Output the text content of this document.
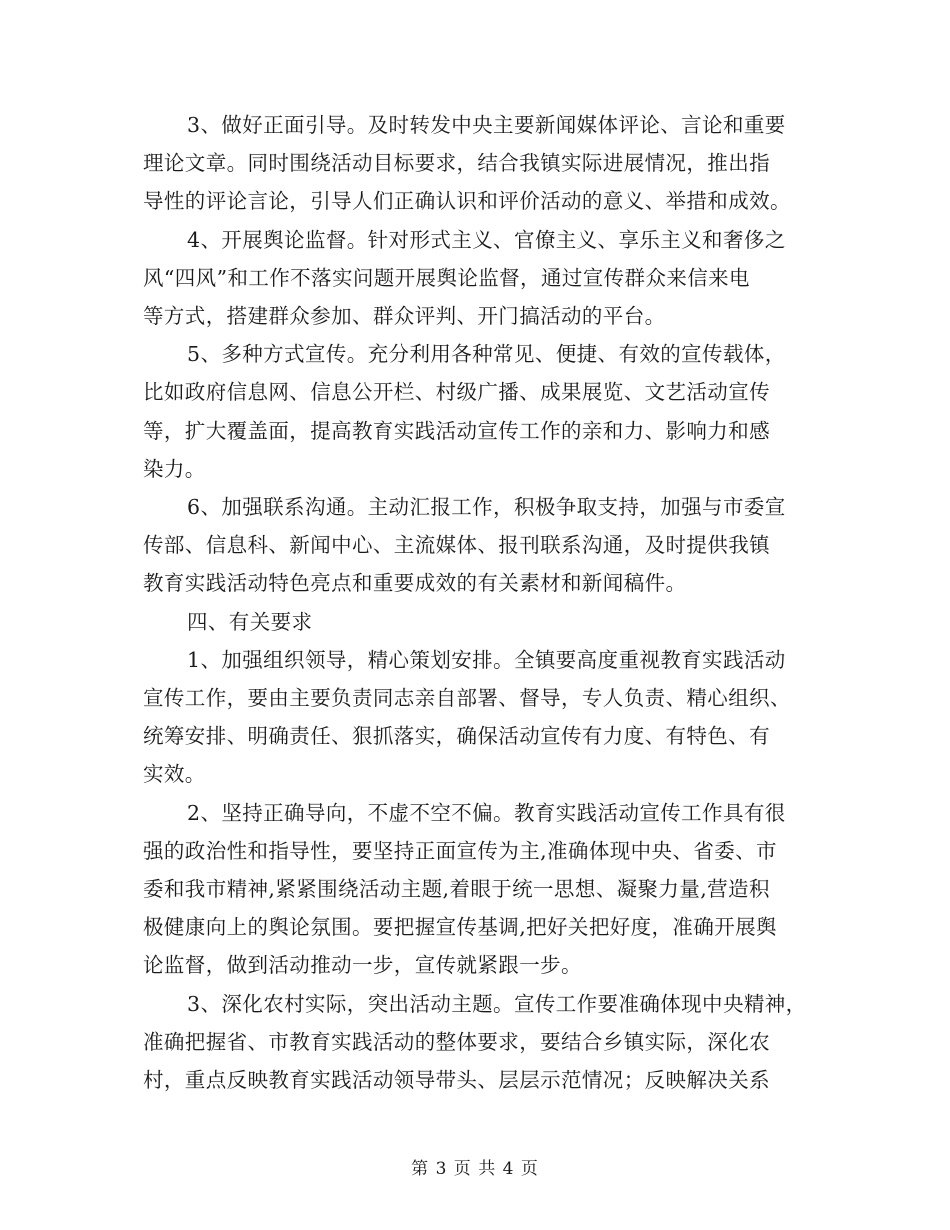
3、做好正面引导。及时转发中央主要新闻媒体评论、言论和重要
理论文章。同时围绕活动目标要求，结合我镇实际进展情况，推出指
导性的评论言论，引导人们正确认识和评价活动的意义、举措和成效。

4、开展舆论监督。针对形式主义、官僚主义、享乐主义和奢侈之
风“四风”和工作不落实问题开展舆论监督，通过宣传群众来信来电
等方式，搭建群众参加、群众评判、开门搞活动的平台。

5、多种方式宣传。充分利用各种常见、便捷、有效的宣传载体，
比如政府信息网、信息公开栏、村级广播、成果展览、文艺活动宣传
等，扩大覆盖面，提高教育实践活动宣传工作的亲和力、影响力和感
染力。

6、加强联系沟通。主动汇报工作，积极争取支持，加强与市委宣
传部、信息科、新闻中心、主流媒体、报刊联系沟通，及时提供我镇
教育实践活动特色亮点和重要成效的有关素材和新闻稿件。

四、有关要求

1、加强组织领导，精心策划安排。全镇要高度重视教育实践活动
宣传工作，要由主要负责同志亲自部署、督导，专人负责、精心组织、
统筹安排、明确责任、狠抓落实，确保活动宣传有力度、有特色、有
实效。

2、坚持正确导向，不虚不空不偏。教育实践活动宣传工作具有很
强的政治性和指导性，要坚持正面宣传为主,准确体现中央、省委、市
委和我市精神,紧紧围绕活动主题,着眼于统一思想、凝聚力量,营造积
极健康向上的舆论氛围。要把握宣传基调,把好关把好度，准确开展舆
论监督，做到活动推动一步，宣传就紧跟一步。

3、深化农村实际，突出活动主题。宣传工作要准确体现中央精神，
准确把握省、市教育实践活动的整体要求，要结合乡镇实际，深化农
村，重点反映教育实践活动领导带头、层层示范情况；反映解决关系

第 3 页 共 4 页
